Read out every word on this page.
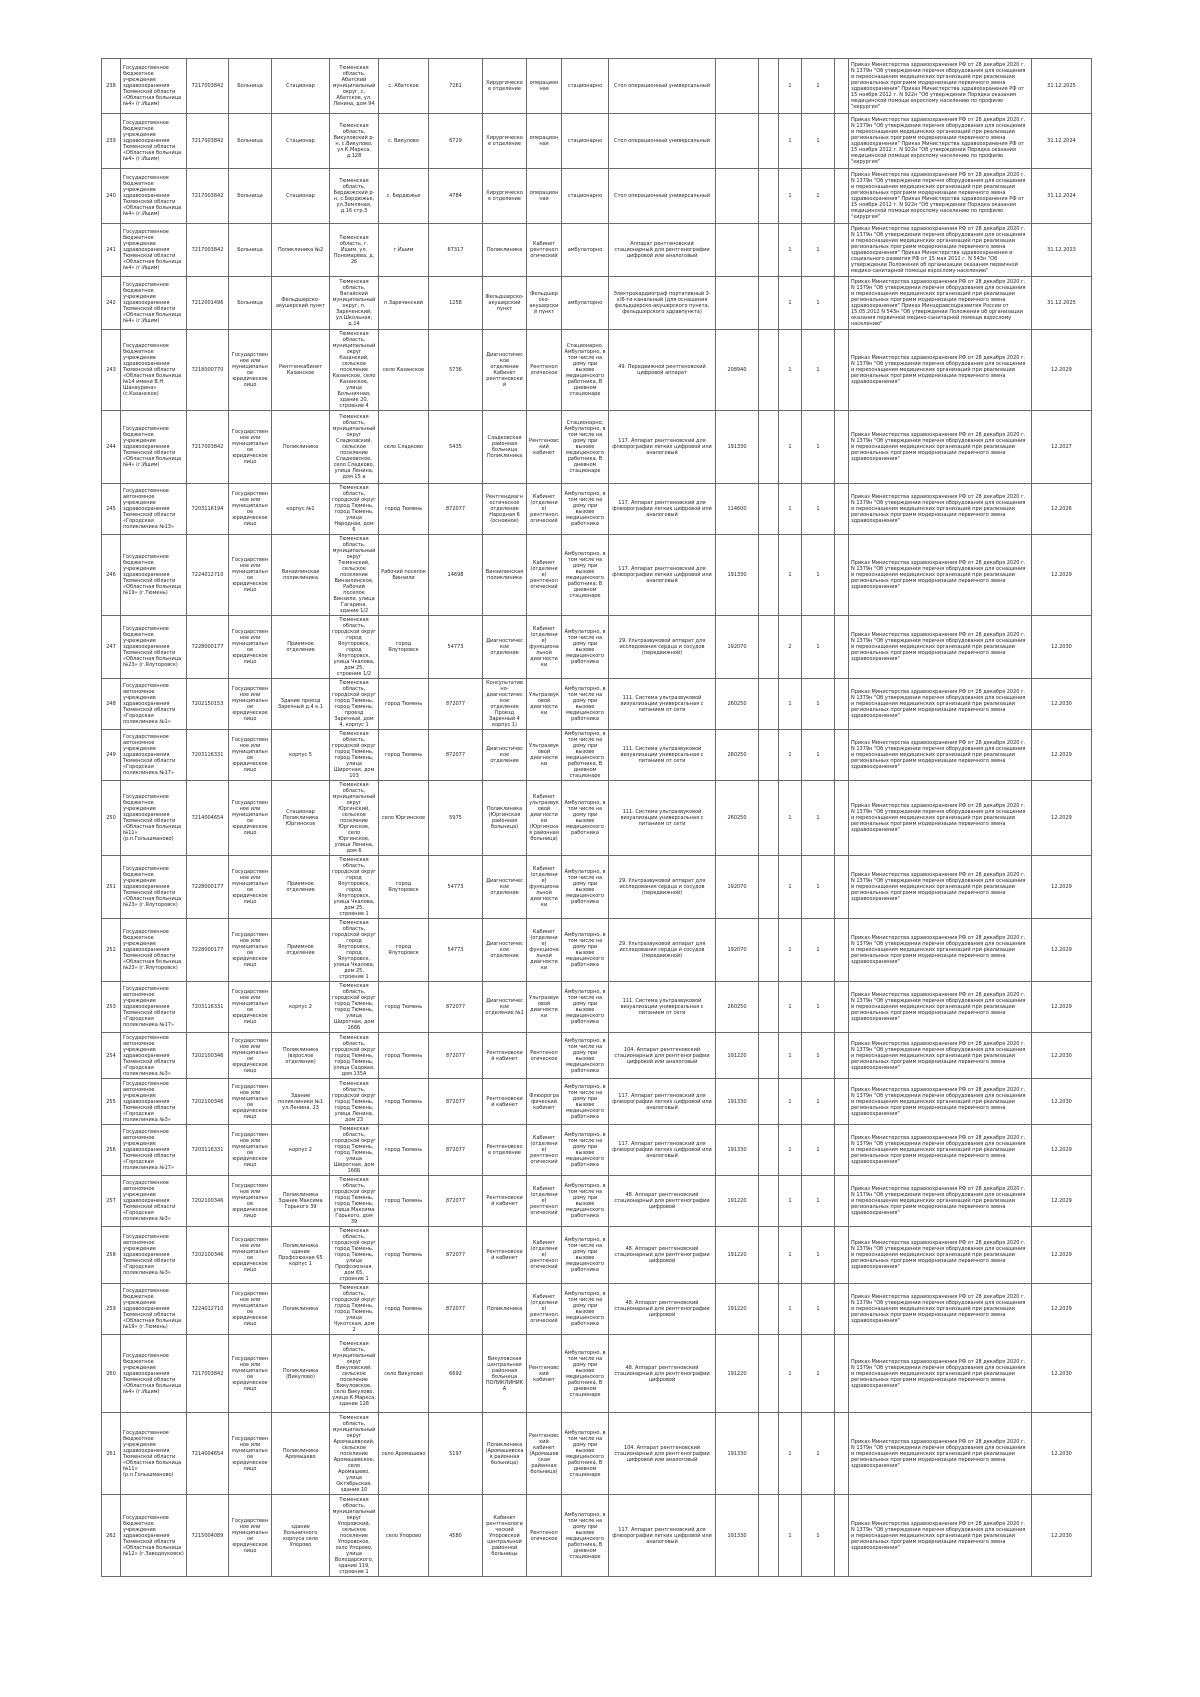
238	Государственное бюджетное учреждение здравоохранения Тюменской области «Областная больница №4» (г.Ишим)	7217003842	Больница	Стационар	Тюменская область, Абатский муниципальный округ, с. Абатское, ул. Ленина, дом 94	с. Абатское	7261	Хирургическое отделение	операционная	стационарно	Стол операционный универсальный			1	1		Приказ Министерства здравоохранения РФ от 28 декабря 2020 г. N 1379н "Об утверждении перечня оборудования для оснащения и переоснащения медицинских организаций при реализации региональных программ модернизации первичного звена здравоохранения" Приказ Министерства здравоохранения РФ от 15 ноября 2012 г. N 922н "Об утверждении Порядка оказания медицинской помощи взрослому населению по профилю "хирургия"	31.12.2025
239	Государственное бюджетное учреждение здравоохранения Тюменской области «Областная больница №4» (г.Ишим)	7217003842	Больница	Стационар	Тюменская область, Викуловский р-н, с.Викулово, ул.К.Маркса, д.128	с. Викулово	6729	Хирургическое отделение	операционная	стационарно	Стол операционный универсальный			1	1		Приказ Министерства здравоохранения РФ от 28 декабря 2020 г. N 1379н "Об утверждении перечня оборудования для оснащения и переоснащения медицинских организаций при реализации региональных программ модернизации первичного звена здравоохранения" Приказ Министерства здравоохранения РФ от 15 ноября 2012 г. N 922н "Об утверждении Порядка оказания медицинской помощи взрослому населению по профилю "хирургия"	31.12.2024
240	Государственное бюджетное учреждение здравоохранения Тюменской области «Областная больница №4» (г.Ишим)	7217003842	Больница	Стационар	Тюменская область, Бердюжский р-н, с.Бердюжье, ул.Земляная, д.16 стр.3	с. Бердюжье	4784	Хирургическое отделение	операционная	стационарно	Стол операционный универсальный			1	1		Приказ Министерства здравоохранения РФ от 28 декабря 2020 г. N 1379н "Об утверждении перечня оборудования для оснащения и переоснащения медицинских организаций при реализации региональных программ модернизации первичного звена здравоохранения" Приказ Министерства здравоохранения РФ от 15 ноября 2012 г. N 922н "Об утверждении Порядка оказания медицинской помощи взрослому населению по профилю "хирургия"	31.12.2024
241	Государственное бюджетное учреждение здравоохранения Тюменской области «Областная больница №4» (г.Ишим)	7217003842	Больница	Поликлиника №2	Тюменская область, г. Ишим, ул. Пономарёва, д. 26	г.Ишим	67317	Поликлиника	Кабинет рентгенологический	амбулаторно	Аппарат рентгеновский стационарный для рентгенографии цифровой или аналоговый			1	1		Приказ Министерства здравоохранения РФ от 28 декабря 2020 г. N 1379н "Об утверждении перечня оборудования для оснащения и переоснащения медицинских организаций при реализации региональных программ модернизации первичного звена здравоохранения" Приказ Министерства здравоохранения и социального развития РФ от 15 мая 2012 г. N 543н "Об утверждении Положения об организации оказания первичной медико-санитарной помощи взрослому населению"	31.12.2023
242	Государственное бюджетное учреждение здравоохранения Тюменской области «Областная больница №4» (г.Ишим)	7212001496	Больница	Фельдшерско-акушерский пункт	Тюменская область, Вагайский муниципальный округ, п. Зареченский, ул.Школьная, д.14	п.Зареченский	1258	Фельдшерско-акушерский пункт	Фельдшерско-акушерский пункт	амбулаторно	Электрокардиограф портативный 3-х/6-ти канальный (для оснащения фельдшерско-акушерского пункта, фельдшерского здравпункта)			1	1		Приказ Министерства здравоохранения РФ от 28 декабря 2020 г. N 1379н "Об утверждении перечня оборудования для оснащения и переоснащения медицинских организаций при реализации региональных программ модернизации первичного звена здравоохранения" Приказ Минздравсоцразвития России от 15.05.2012 N 543н "Об утверждении Положения об организации оказания первичной медико-санитарной помощи взрослому населению"	31.12.2025
243	Государственное бюджетное учреждение здравоохранения Тюменской области «Областная больница №14 имени В.Н. Шанаурина» (с.Казанское)	7218000770	Государственное или муниципальное юридическое лицо	Рентгенкабинет Казанское	Тюменская область, муниципальный округ Казанский, сельское поселение Казанское, село Казанское, улица Больничная, здание 20, строение 4	село Казанское	5736	Диагностическое отделение Кабинет рентгеновский	Рентгенологическое	Стационарно, Амбулаторно, в том числе на дому при вызове медицинского работника, В дневном стационаре	49. Передвижной рентгеновский цифровой аппарат	208940		1	1		Приказ Министерства здравоохранения РФ от 28 декабря 2020 г. N 1379н "Об утверждении перечня оборудования для оснащения и переоснащения медицинских организаций при реализации региональных программ модернизации первичного звена здравоохранения"	12.2029
244	Государственное бюджетное учреждение здравоохранения Тюменской области «Областная больница №4» (г.Ишим)	7217003842	Государственное или муниципальное юридическое лицо	Поликлиника	Тюменская область, муниципальный округ Сладковский, сельское поселение Сладковское, село Сладково, улица Ленина, дом 15 а	село Сладково	5435	Сладковская районная больница Поликлиника	Рентгеновский кабинет	Стационарно, Амбулаторно, в том числе на дому при вызове медицинского работника, В дневном стационаре	117. Аппарат рентгеновский для флюорографии легких цифровой или аналоговый	191330		1	1		Приказ Министерства здравоохранения РФ от 28 декабря 2020 г. N 1379н "Об утверждении перечня оборудования для оснащения и переоснащения медицинских организаций при реализации региональных программ модернизации первичного звена здравоохранения"	12.2027
245	Государственное автономное учреждение здравоохранения Тюменской области «Городская поликлиника №13»	7203116194	Государственное или муниципальное юридическое лицо	корпус №1	Тюменская область, городской округ город Тюмень, город Тюмень, улица Народная, дом 6	город Тюмень	872077	Рентгендиагностическое отделение Народная 6 (основное)	Кабинет (отделение) рентгенологический	Амбулаторно, в том числе на дому при вызове медицинского работника	117. Аппарат рентгеновский для флюорографии легких цифровой или аналоговый	114600		1	1		Приказ Министерства здравоохранения РФ от 28 декабря 2020 г. N 1379н "Об утверждении перечня оборудования для оснащения и переоснащения медицинских организаций при реализации региональных программ модернизации первичного звена здравоохранения"	12.2026
246	Государственное бюджетное учреждение здравоохранения Тюменской области «Областная больница №19» (г.Тюмень)	7224012710	Государственное или муниципальное юридическое лицо	Винзилинская поликлиника	Тюменская область, муниципальный округ Тюменский, сельское поселение Винзилинское, Рабочий поселок Винзили, улица Гагарина, здание 1/2	Рабочий поселок Винзили	14698	Винзилинская поликлиника	Кабинет (отделение) рентгенологический	Амбулаторно, в том числе на дому при вызове медицинского работника, В дневном стационаре	117. Аппарат рентгеновский для флюорографии легких цифровой или аналоговый	191330		1	1		Приказ Министерства здравоохранения РФ от 28 декабря 2020 г. N 1379н "Об утверждении перечня оборудования для оснащения и переоснащения медицинских организаций при реализации региональных программ модернизации первичного звена здравоохранения"	12.2029
247	Государственное бюджетное учреждение здравоохранения Тюменской области «Областная больница №23» (г.Ялуторовск)	7228000177	Государственное или муниципальное юридическое лицо	Приемное отделение	Тюменская область, городской округ город Ялуторовск, город Ялуторовск, улица Чкалова, дом 25, строение 1/2	город Ялуторовск	54773	Диагностическое отделение	Кабинет (отделение) функциональной диагностики	Амбулаторно, в том числе на дому при вызове медицинского работника	29. Ультразвуковой аппарат для исследования сердца и сосудов (передвижной)	192070		2	1		Приказ Министерства здравоохранения РФ от 28 декабря 2020 г. N 1379н "Об утверждении перечня оборудования для оснащения и переоснащения медицинских организаций при реализации региональных программ модернизации первичного звена здравоохранения"	12.2030
248	Государственное автономное учреждение здравоохранения Тюменской области «Городская поликлиника №1»	7202150153	Государственное или муниципальное юридическое лицо	Здание проезд Заречный д.4 к.1	Тюменская область, городской округ город Тюмень, город Тюмень, проезд Заречный, дом 4, корпус 1	город Тюмень	872077	Консультативно-диагностическое отделение Проезд Заречный 4 корпус 1)	Ультразвуковой диагностики	Амбулаторно, в том числе на дому при вызове медицинского работника	111. Система ультразвуковой визуализации универсальная с питанием от сети	260250		1	1		Приказ Министерства здравоохранения РФ от 28 декабря 2020 г. N 1379н "Об утверждении перечня оборудования для оснащения и переоснащения медицинских организаций при реализации региональных программ модернизации первичного звена здравоохранения"	12.2030
249	Государственное автономное учреждение здравоохранения Тюменской области «Городская поликлиника №17»	7203116331	Государственное или муниципальное юридическое лицо	корпус 5	Тюменская область, городской округ город Тюмень, город Тюмень, улица Широтная, дом 103	город Тюмень	872077	Диагностическое отделение	Ультразвуковой диагностики	Амбулаторно, в том числе на дому при вызове медицинского работника, В дневном стационаре	111. Система ультразвуковой визуализации универсальная с питанием от сети	260250		1	1		Приказ Министерства здравоохранения РФ от 28 декабря 2020 г. N 1379н "Об утверждении перечня оборудования для оснащения и переоснащения медицинских организаций при реализации региональных программ модернизации первичного звена здравоохранения"	12.2029
250	Государственное бюджетное учреждение здравоохранения Тюменской области «Областная больница №11» (р.п.Голышманово)	7214004654	Государственное или муниципальное юридическое лицо	Стационар Поликлиника Юргинское	Тюменская область, муниципальный округ Юргинский, сельское поселение Юргинское, село Юргинское, улица Ленина, дом 6	село Юргинское	5975	Поликлиника (Юргинская районная больница)	Кабинет ультразвуковой диагностики (Юргинская районная больница)	Амбулаторно, в том числе на дому при вызове медицинского работника	111. Система ультразвуковой визуализации универсальная с питанием от сети	260250		1	1		Приказ Министерства здравоохранения РФ от 28 декабря 2020 г. N 1379н "Об утверждении перечня оборудования для оснащения и переоснащения медицинских организаций при реализации региональных программ модернизации первичного звена здравоохранения"	12.2029
251	Государственное бюджетное учреждение здравоохранения Тюменской области «Областная больница №23» (г.Ялуторовск)	7228000177	Государственное или муниципальное юридическое лицо	Приемное отделение	Тюменская область, городской округ город Ялуторовск, город Ялуторовск, улица Чкалова, дом 25, строение 1	город Ялуторовск	54773	Диагностическое отделение	Кабинет (отделение) функциональной диагностики	Амбулаторно, в том числе на дому при вызове медицинского работника	29. Ультразвуковой аппарат для исследования сердца и сосудов (передвижной)	192070		1	1		Приказ Министерства здравоохранения РФ от 28 декабря 2020 г. N 1379н "Об утверждении перечня оборудования для оснащения и переоснащения медицинских организаций при реализации региональных программ модернизации первичного звена здравоохранения"	12.2029
252	Государственное бюджетное учреждение здравоохранения Тюменской области «Областная больница №23» (г.Ялуторовск)	7228000177	Государственное или муниципальное юридическое лицо	Приемное отделение	Тюменская область, городской округ город Ялуторовск, город Ялуторовск, улица Чкалова, дом 25, строение 1	город Ялуторовск	54773	Диагностическое отделение	Кабинет (отделение) функциональной диагностики	Амбулаторно, в том числе на дому при вызове медицинского работника	29. Ультразвуковой аппарат для исследования сердца и сосудов (передвижной)	192070		1	1		Приказ Министерства здравоохранения РФ от 28 декабря 2020 г. N 1379н "Об утверждении перечня оборудования для оснащения и переоснащения медицинских организаций при реализации региональных программ модернизации первичного звена здравоохранения"	12.2029
253	Государственное автономное учреждение здравоохранения Тюменской области «Городская поликлиника №17»	7203116331	Государственное или муниципальное юридическое лицо	корпус 2	Тюменская область, городской округ город Тюмень, город Тюмень, улица Широтная, дом 166Б	город Тюмень	872077	Диагностическое отделение №1	Ультразвуковой диагностики	Амбулаторно, в том числе на дому при вызове медицинского работника	111. Система ультразвуковой визуализации универсальная с питанием от сети	260250		1	1		Приказ Министерства здравоохранения РФ от 28 декабря 2020 г. N 1379н "Об утверждении перечня оборудования для оснащения и переоснащения медицинских организаций при реализации региональных программ модернизации первичного звена здравоохранения"	12.2029
254	Государственное автономное учреждение здравоохранения Тюменской области «Городская поликлиника №3»	7202100346	Государственное или муниципальное юридическое лицо	Поликлиника (взрослое отделение)	Тюменская область, городской округ город Тюмень, город Тюмень, улица Садовая, дом 135А	город Тюмень	872077	Рентгеновский кабинет	Рентгенологическое	Амбулаторно, в том числе на дому при вызове медицинского работника	104. Аппарат рентгеновский стационарный для рентгенографии цифровой или аналоговый	191220		1	1		Приказ Министерства здравоохранения РФ от 28 декабря 2020 г. N 1379н "Об утверждении перечня оборудования для оснащения и переоснащения медицинских организаций при реализации региональных программ модернизации первичного звена здравоохранения"	12.2030
255	Государственное автономное учреждение здравоохранения Тюменской области «Городская поликлиника №3»	7202100346	Государственное или муниципальное юридическое лицо	Здание поликлиники №1 ул.Ленина, 23	Тюменская область, городской округ город Тюмень, город Тюмень, улица Ленина, дом 23	город Тюмень	872077	Рентгеновский кабинет	Флюорографический кабинет	Амбулаторно, в том числе на дому при вызове медицинского работника	117. Аппарат рентгеновский для флюорографии легких цифровой или аналоговый	191330		1	1		Приказ Министерства здравоохранения РФ от 28 декабря 2020 г. N 1379н "Об утверждении перечня оборудования для оснащения и переоснащения медицинских организаций при реализации региональных программ модернизации первичного звена здравоохранения"	12.2030
256	Государственное автономное учреждение здравоохранения Тюменской области «Городская поликлиника №17»	7203116331	Государственное или муниципальное юридическое лицо	корпус 2	Тюменская область, городской округ город Тюмень, город Тюмень, улица Широтная, дом 166Б	город Тюмень	872077	Рентгеновское отделение	Кабинет (отделение) рентгенологический	Амбулаторно, в том числе на дому при вызове медицинского работника	117. Аппарат рентгеновский для флюорографии легких цифровой или аналоговый	191330		1	1		Приказ Министерства здравоохранения РФ от 28 декабря 2020 г. N 1379н "Об утверждении перечня оборудования для оснащения и переоснащения медицинских организаций при реализации региональных программ модернизации первичного звена здравоохранения"	12.2029
257	Государственное автономное учреждение здравоохранения Тюменской области «Городская поликлиника №3»	7202100346	Государственное или муниципальное юридическое лицо	Поликлиника Здание Максима Горького 39	Тюменская область, городской округ город Тюмень, город Тюмень, улица Максима Горького, дом 39	город Тюмень	872077	Рентгеновский кабинет	Кабинет (отделение) рентгенологический	Амбулаторно, в том числе на дому при вызове медицинского работника	48. Аппарат рентгеновский стационарный для рентгенографии цифровой	191220		1	1		Приказ Министерства здравоохранения РФ от 28 декабря 2020 г. N 1379н "Об утверждении перечня оборудования для оснащения и переоснащения медицинских организаций при реализации региональных программ модернизации первичного звена здравоохранения"	12.2029
258	Государственное автономное учреждение здравоохранения Тюменской области «Городская поликлиника №3»	7202100346	Государственное или муниципальное юридическое лицо	Поликлиника здание Профсоюзная 65 корпус 1	Тюменская область, городской округ город Тюмень, город Тюмень, улица Профсоюзная, дом 65, строение 1	город Тюмень	872077	Рентгеновский кабинет	Кабинет (отделение) рентгенологический	Амбулаторно, в том числе на дому при вызове медицинского работника	48. Аппарат рентгеновский стационарный для рентгенографии цифровой	191220		1	1		Приказ Министерства здравоохранения РФ от 28 декабря 2020 г. N 1379н "Об утверждении перечня оборудования для оснащения и переоснащения медицинских организаций при реализации региональных программ модернизации первичного звена здравоохранения"	12.2029
259	Государственное бюджетное учреждение здравоохранения Тюменской области «Областная больница №19» (г.Тюмень)	7224012710	Государственное или муниципальное юридическое лицо	Поликлиника	Тюменская область, городской округ город Тюмень, город Тюмень, улица Чукотская, дом 2	город Тюмень	872077	Поликлиника	Кабинет (отделение) рентгенологический	Амбулаторно, в том числе на дому при вызове медицинского работника	48. Аппарат рентгеновский стационарный для рентгенографии цифровой	191220		1	1		Приказ Министерства здравоохранения РФ от 28 декабря 2020 г. N 1379н "Об утверждении перечня оборудования для оснащения и переоснащения медицинских организаций при реализации региональных программ модернизации первичного звена здравоохранения"	12.2029
260	Государственное бюджетное учреждение здравоохранения Тюменской области «Областная больница №4» (г.Ишим)	7217003842	Государственное или муниципальное юридическое лицо	Поликлиника (Викулово)	Тюменская область, муниципальный округ Викуловский, сельское поселение Викуловское, село Викулово, улица К.Маркса, здание 128	село Викулово	6692	Викуловская центральная районная больница ПОЛИКЛИНИКА	Рентгеновский кабинет	Амбулаторно, в том числе на дому при вызове медицинского работника, В дневном стационаре	48. Аппарат рентгеновский стационарный для рентгенографии цифровой	191220		1	1		Приказ Министерства здравоохранения РФ от 28 декабря 2020 г. N 1379н "Об утверждении перечня оборудования для оснащения и переоснащения медицинских организаций при реализации региональных программ модернизации первичного звена здравоохранения"	12.2030
261	Государственное бюджетное учреждение здравоохранения Тюменской области «Областная больница №11» (р.п.Голышманово)	7214004654	Государственное или муниципальное юридическое лицо	Поликлиника Аромашево	Тюменская область, муниципальный округ Аромашевский, сельское поселение Аромашевское, село Аромашево, улица Октябрьская, здание 10	село Аромашево	5197	Поликлиника (Аромашевская районная больница)	Рентгеновский кабинет (Аромашевская районная больница)	Амбулаторно, в том числе на дому при вызове медицинского работника, В дневном стационаре	104. Аппарат рентгеновский стационарный для рентгенографии цифровой или аналоговый	191330		1	1		Приказ Министерства здравоохранения РФ от 28 декабря 2020 г. N 1379н "Об утверждении перечня оборудования для оснащения и переоснащения медицинских организаций при реализации региональных программ модернизации первичного звена здравоохранения"	12.2030
262	Государственное бюджетное учреждение здравоохранения Тюменской области «Областная больница №12» (г.Заводоуковск)	7215004089	Государственное или муниципальное юридическое лицо	здание больничного корпуса село Упорово	Тюменская область, муниципальный округ Упоровский, сельское поселение Упоровское, село Упорово, улица Володарского, здание 119, строение 1	село Упорово	4580	Кабинет рентгенологический Упоровской центральной районной больницы	Рентгенологическое	Амбулаторно, в том числе на дому при вызове медицинского работника, В дневном стационаре	117. Аппарат рентгеновский для флюорографии легких цифровой или аналоговый	191330		1	1		Приказ Министерства здравоохранения РФ от 28 декабря 2020 г. N 1379н "Об утверждении перечня оборудования для оснащения и переоснащения медицинских организаций при реализации региональных программ модернизации первичного звена здравоохранения"	12.2030
